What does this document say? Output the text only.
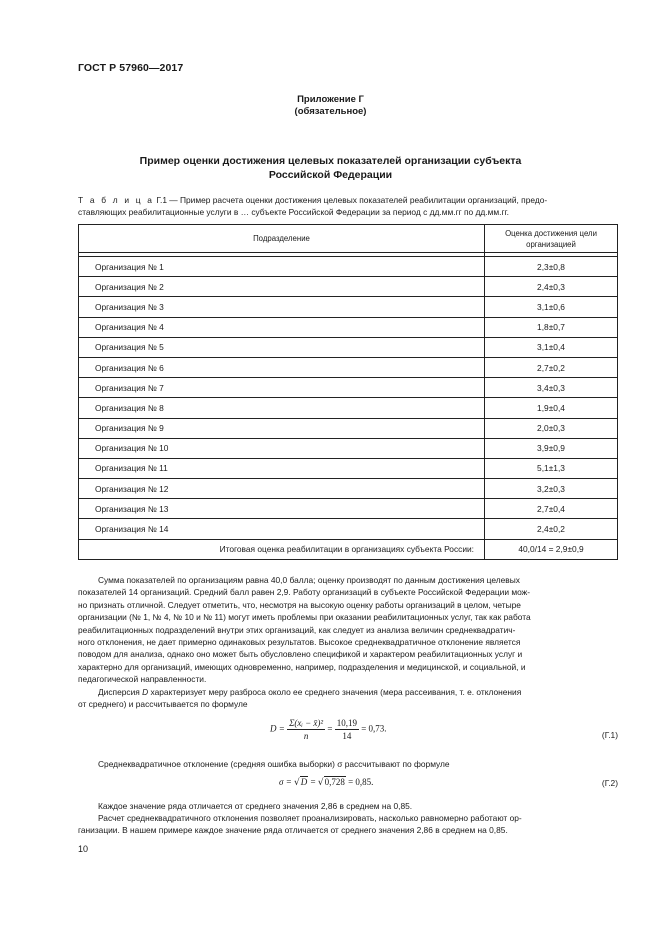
ГОСТ Р 57960—2017
Приложение Г
(обязательное)
Пример оценки достижения целевых показателей организации субъекта
Российской Федерации
Т а б л и ц а Г.1 — Пример расчета оценки достижения целевых показателей реабилитации организаций, предо-
ставляющих реабилитационные услуги в … субъекте Российской Федерации за период с дд.мм.гг по дд.мм.гг.
Подразделение	Оценка достижения цели
организацией

Организация № 1	2,3±0,8
Организация № 2	2,4±0,3
Организация № 3	3,1±0,6
Организация № 4	1,8±0,7
Организация № 5	3,1±0,4
Организация № 6	2,7±0,2
Организация № 7	3,4±0,3
Организация № 8	1,9±0,4
Организация № 9	2,0±0,3
Организация № 10	3,9±0,9
Организация № 11	5,1±1,3
Организация № 12	3,2±0,3
Организация № 13	2,7±0,4
Организация № 14	2,4±0,2
Итоговая оценка реабилитации в организациях субъекта России:	40,0/14 = 2,9±0,9
Сумма показателей по организациям равна 40,0 балла; оценку производят по данным достижения целевых
показателей 14 организаций. Средний балл равен 2,9. Работу организаций в субъекте Российской Федерации мож-
но признать отличной. Следует отметить, что, несмотря на высокую оценку работы организаций в целом, четыре
организации (№ 1, № 4, № 10 и № 11) могут иметь проблемы при оказании реабилитационных услуг, так как работа
реабилитационных подразделений внутри этих организаций, как следует из анализа величин среднеквадратич-
ного отклонения, не дает примерно одинаковых результатов. Высокое среднеквадратичное отклонение является
поводом для анализа, однако оно может быть обусловлено спецификой и характером реабилитационных услуг и
характерно для организаций, имеющих одновременно, например, подразделения и медицинской, и социальной, и
педагогической направленности.
Дисперсия D характеризует меру разброса около ее среднего значения (мера рассеивания, т. е. отклонения
от среднего) и рассчитывается по формуле
$D = \frac{\text{Σ(xᵢ − x̄)²}}{n} = \frac{10,19}{14} = 0,73$.
(Г.1)
Среднеквадратичное отклонение (средняя ошибка выборки) σ рассчитывают по формуле
σ = √D = √0,728 = 0,85.	(Г.2)
Каждое значение ряда отличается от среднего значения 2,86 в среднем на 0,85.
Расчет среднеквадратичного отклонения позволяет проанализировать, насколько равномерно работают ор-
ганизации. В нашем примере каждое значение ряда отличается от среднего значения 2,86 в среднем на 0,85.
10
